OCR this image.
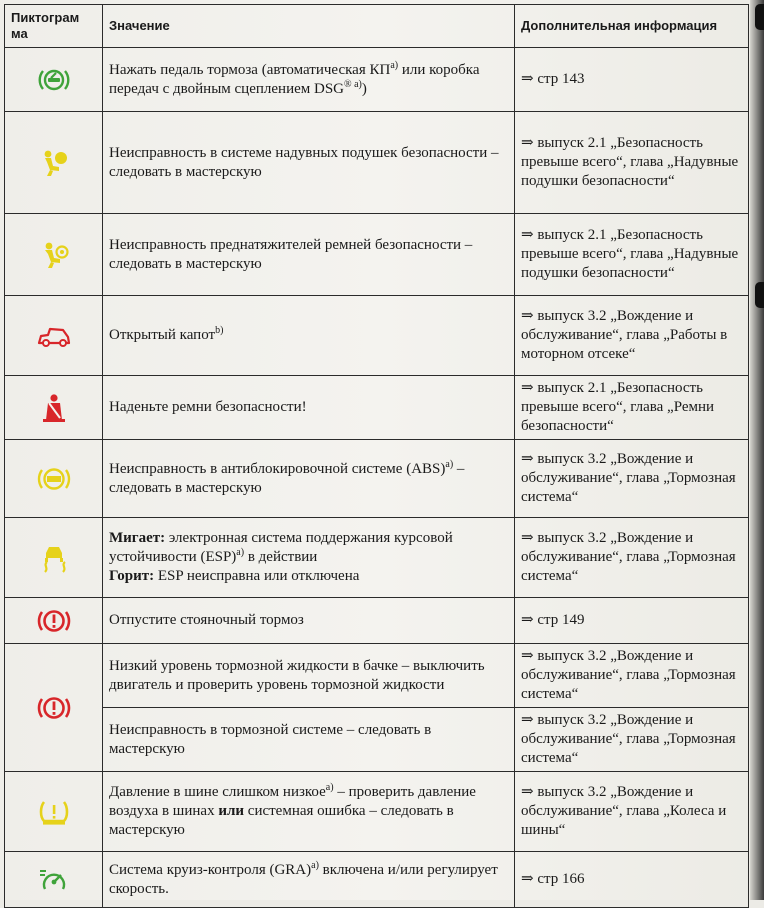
Пиктограм ма	Значение	Дополнительная информация
	Нажать педаль тормоза (автоматическая $КП^{а)}$ или коробка передач с двойным сцеплением $DSG^{® а)}$)	⇒ стр 143
	Неисправность в системе надувных подушек безопасности – следовать в мастерскую	⇒ выпуск 2.1 „Безопасность превыше всего“, глава „Надувные подушки безопасности“
	Неисправность преднатяжителей ремней безопасности – следовать в мастерскую	⇒ выпуск 2.1 „Безопасность превыше всего“, глава „Надувные подушки безопасности“
	Открытый капот$^{b)}$	⇒ выпуск 3.2 „Вождение и обслуживание“, глава „Работы в моторном отсеке“
	Наденьте ремни безопасности!	⇒ выпуск 2.1 „Безопасность превыше всего“, глава „Ремни безопасности“
	Неисправность в антиблокировочной системе (ABS)$^{а)}$ – следовать в мастерскую	⇒ выпуск 3.2 „Вождение и обслуживание“, глава „Тормозная система“
	Мигает: электронная система поддержания курсовой устойчивости (ESP)$^{а)}$ в действии
Горит: ESP неисправна или отключена	⇒ выпуск 3.2 „Вождение и обслуживание“, глава „Тормозная система“
	Отпустите стояночный тормоз	⇒ стр 149
	Низкий уровень тормозной жидкости в бачке – выключить двигатель и проверить уровень тормозной жидкости	⇒ выпуск 3.2 „Вождение и обслуживание“, глава „Тормозная система“
	Неисправность в тормозной системе – следовать в мастерскую	⇒ выпуск 3.2 „Вождение и обслуживание“, глава „Тормозная система“
	Давление в шине слишком низкое$^{а)}$ – проверить давление воздуха в шинах или системная ошибка – следовать в мастерскую	⇒ выпуск 3.2 „Вождение и обслуживание“, глава „Колеса и шины“
	Система круиз-контроля (GRA)$^{а)}$ включена и/или регулирует скорость.	⇒ стр 166
